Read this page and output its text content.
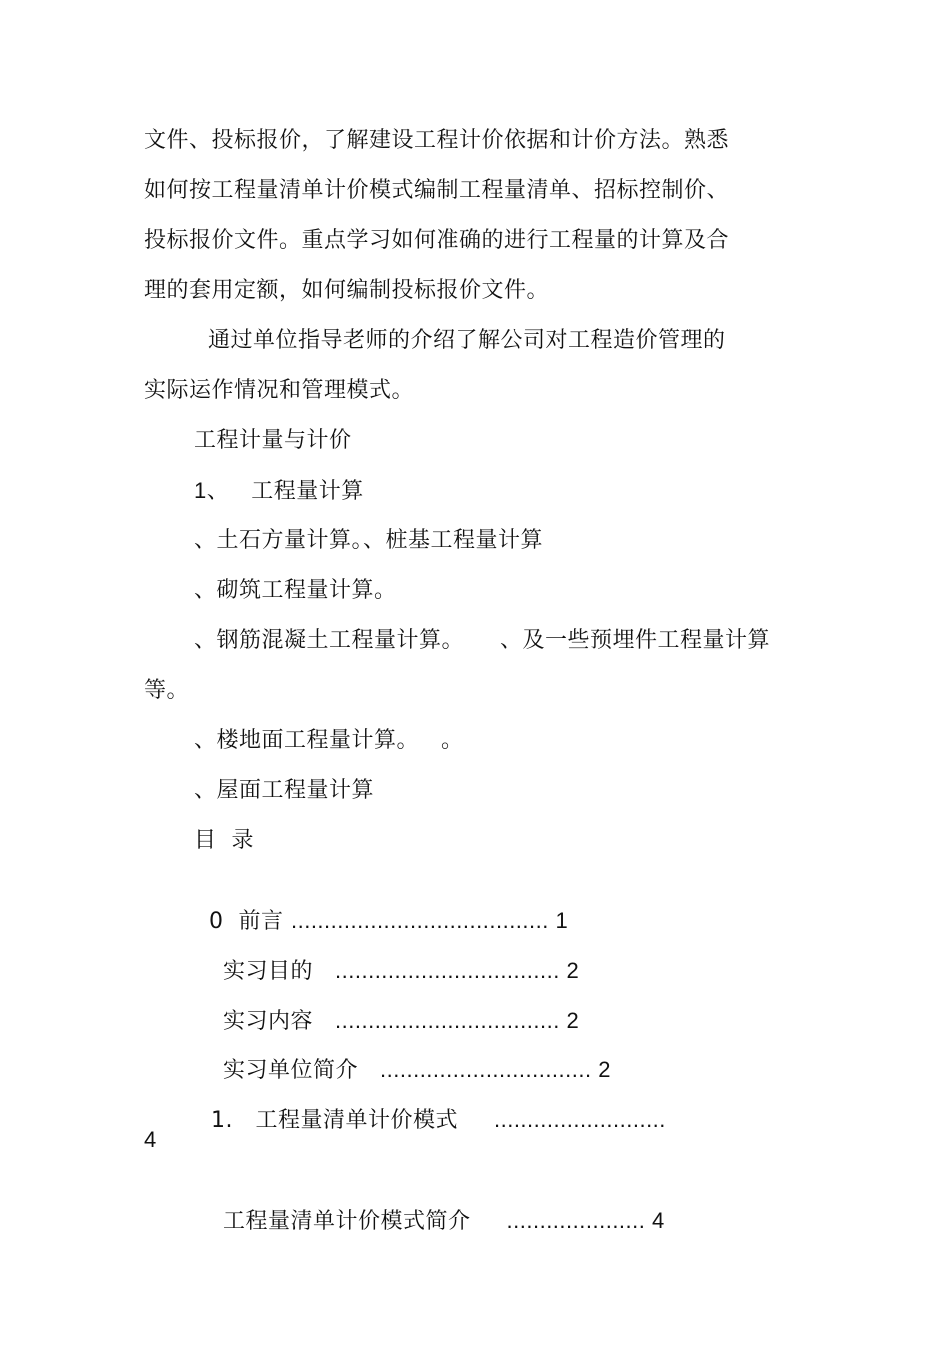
文件、投标报价，了解建设工程计价依据和计价方法。熟悉
如何按工程量清单计价模式编制工程量清单、招标控制价、
投标报价文件。重点学习如何准确的进行工程量的计算及合
理的套用定额，如何编制投标报价文件。
通过单位指导老师的介绍了解公司对工程造价管理的
实际运作情况和管理模式。
工程计量与计价
1、 工程量计算
、土石方量计算。、桩基工程量计算
、砌筑工程量计算。
、钢筋混凝土工程量计算。 、及一些预埋件工程量计算
等。
、楼地面工程量计算。 。
、屋面工程量计算
目  录

0  前言 ....................................... 1

实习目的 .................................. 2

实习内容 .................................. 2

实习单位简介 ................................ 2

1.   工程量清单计价模式 ..........................

4

工程量清单计价模式简介 ..................... 4
